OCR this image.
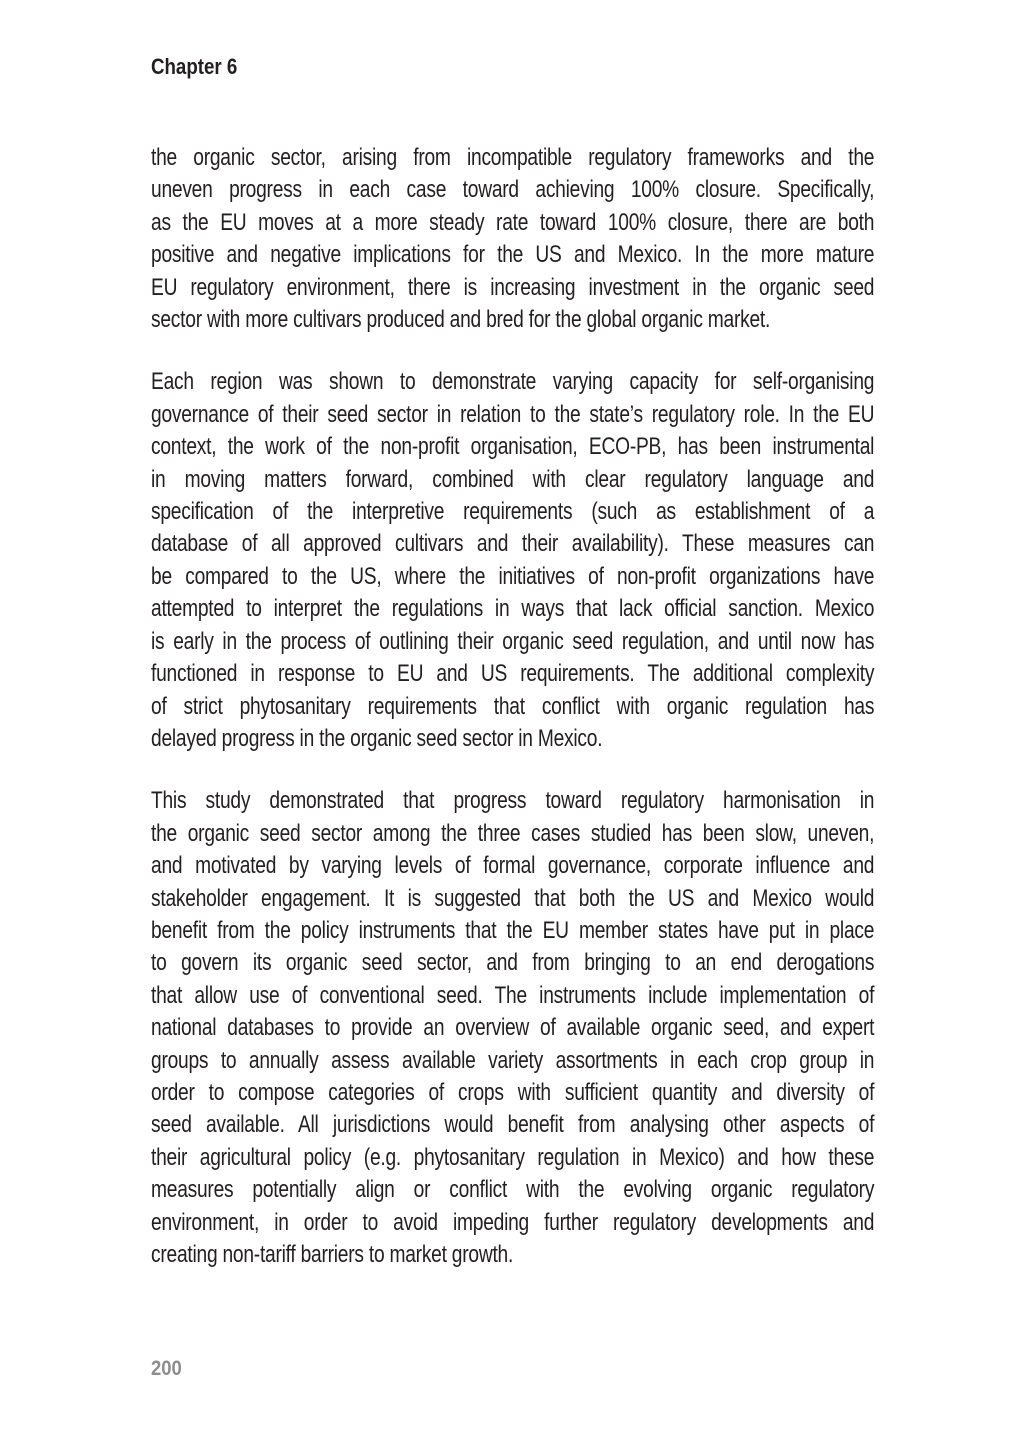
Chapter 6
the organic sector, arising from incompatible regulatory frameworks and the
uneven progress in each case toward achieving 100% closure. Specifically,
as the EU moves at a more steady rate toward 100% closure, there are both
positive and negative implications for the US and Mexico. In the more mature
EU regulatory environment, there is increasing investment in the organic seed
sector with more cultivars produced and bred for the global organic market.
Each region was shown to demonstrate varying capacity for self-organising
governance of their seed sector in relation to the state’s regulatory role. In the EU
context, the work of the non-profit organisation, ECO-PB, has been instrumental
in moving matters forward, combined with clear regulatory language and
specification of the interpretive requirements (such as establishment of a
database of all approved cultivars and their availability). These measures can
be compared to the US, where the initiatives of non-profit organizations have
attempted to interpret the regulations in ways that lack official sanction. Mexico
is early in the process of outlining their organic seed regulation, and until now has
functioned in response to EU and US requirements. The additional complexity
of strict phytosanitary requirements that conflict with organic regulation has
delayed progress in the organic seed sector in Mexico.
This study demonstrated that progress toward regulatory harmonisation in
the organic seed sector among the three cases studied has been slow, uneven,
and motivated by varying levels of formal governance, corporate influence and
stakeholder engagement. It is suggested that both the US and Mexico would
benefit from the policy instruments that the EU member states have put in place
to govern its organic seed sector, and from bringing to an end derogations
that allow use of conventional seed. The instruments include implementation of
national databases to provide an overview of available organic seed, and expert
groups to annually assess available variety assortments in each crop group in
order to compose categories of crops with sufficient quantity and diversity of
seed available. All jurisdictions would benefit from analysing other aspects of
their agricultural policy (e.g. phytosanitary regulation in Mexico) and how these
measures potentially align or conflict with the evolving organic regulatory
environment, in order to avoid impeding further regulatory developments and
creating non-tariff barriers to market growth.
200
